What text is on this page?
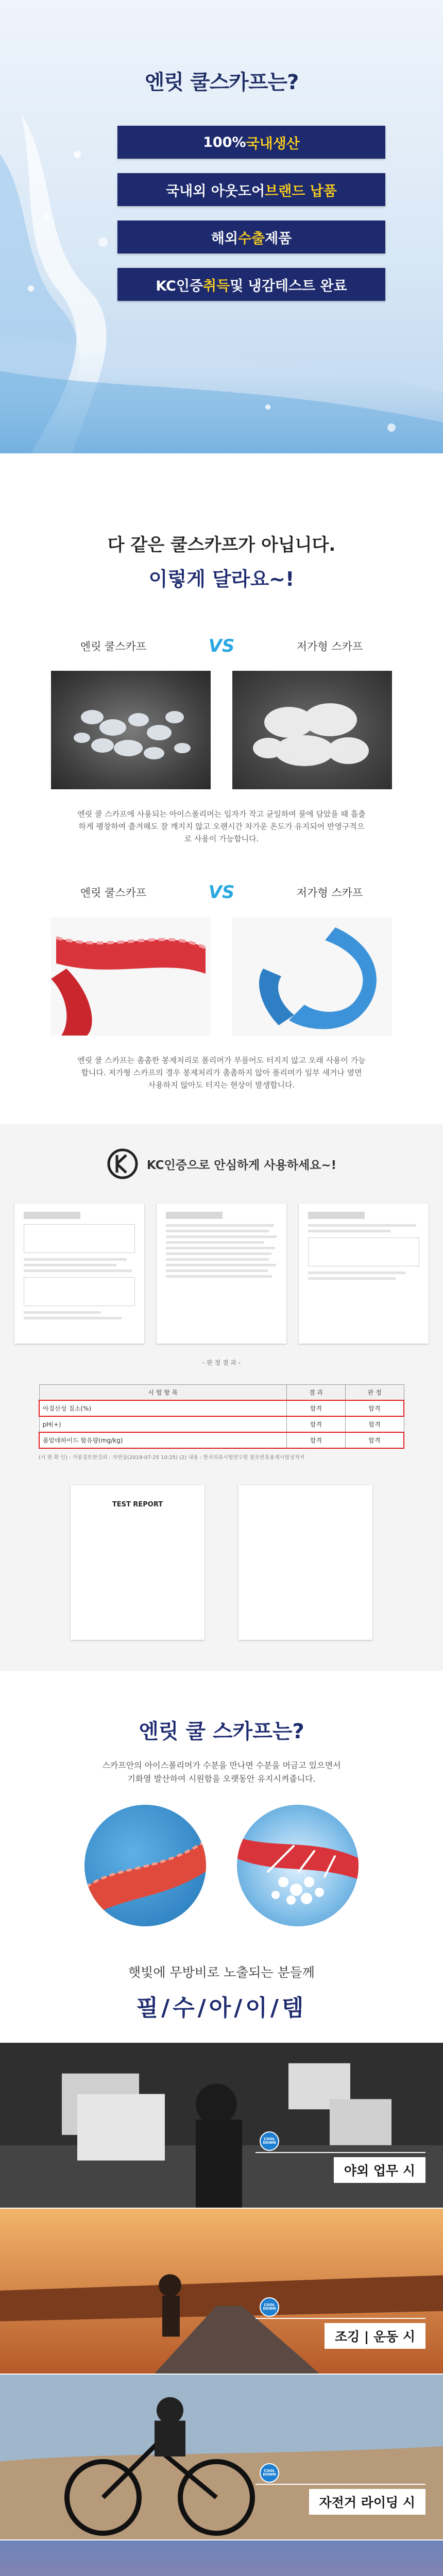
엔릿 쿨스카프는?
100% 국내생산
국내외 아웃도어 브랜드 납품
해외 수출 제품
KC인증 취득 및 냉감테스트 완료
다 같은 쿨스카프가 아닙니다.
이렇게 달라요~!
엔릿 쿨스카프	VS	저가형 스카프
엔릿 쿨 스카프에 사용되는 아이스폴리머는 입자가 작고 균일하여 물에 담았을 때 흡출하게 팽창하여 출겨해도 잘 깨지지 않고 오랜시간 차가운 온도가 유지되어 반영구적으로 사용이 가능합니다.
엔릿 쿨스카프	VS	저가형 스카프
엔릿 쿨 스카프는 촘촘한 봉제처리로 폴리머가 부풀어도 터지지 않고 오래 사용이 가능합니다. 저가형 스카프의 경우 봉제처리가 촘촘하지 않아 폴리머가 일부 새거나 옆면 사용하지 않아도 터지는 현상이 발생합니다.
KC인증으로 안심하게 사용하세요~!
- 판 정 결 과 -
시 험 항 목	결 과	판 정
아질산성 질소(%)	합격	합격
pH(+)	합격	합격
폼알데하이드 함유량(mg/kg)	합격	합격
(시 편 확 인) : 가봉검토한것외 : 자연상(2019-07-25 10:25) (2) 내용 : 한국의류시험연구원 참조번호용제시험성적서
TEST REPORT
엔릿 쿨 스카프는?
스카프안의 아이스폴리머가 수분을 만나면 수분을 머금고 있으면서
기화열 발산하여 시원함을 오랫동안 유지시켜줍니다.
햇빛에 무방비로 노출되는 분들께
필/수/아/이/템
COOL DOWN
야외 업무 시
COOL DOWN
조깅 | 운동 시
COOL DOWN
자전거 라이딩 시
